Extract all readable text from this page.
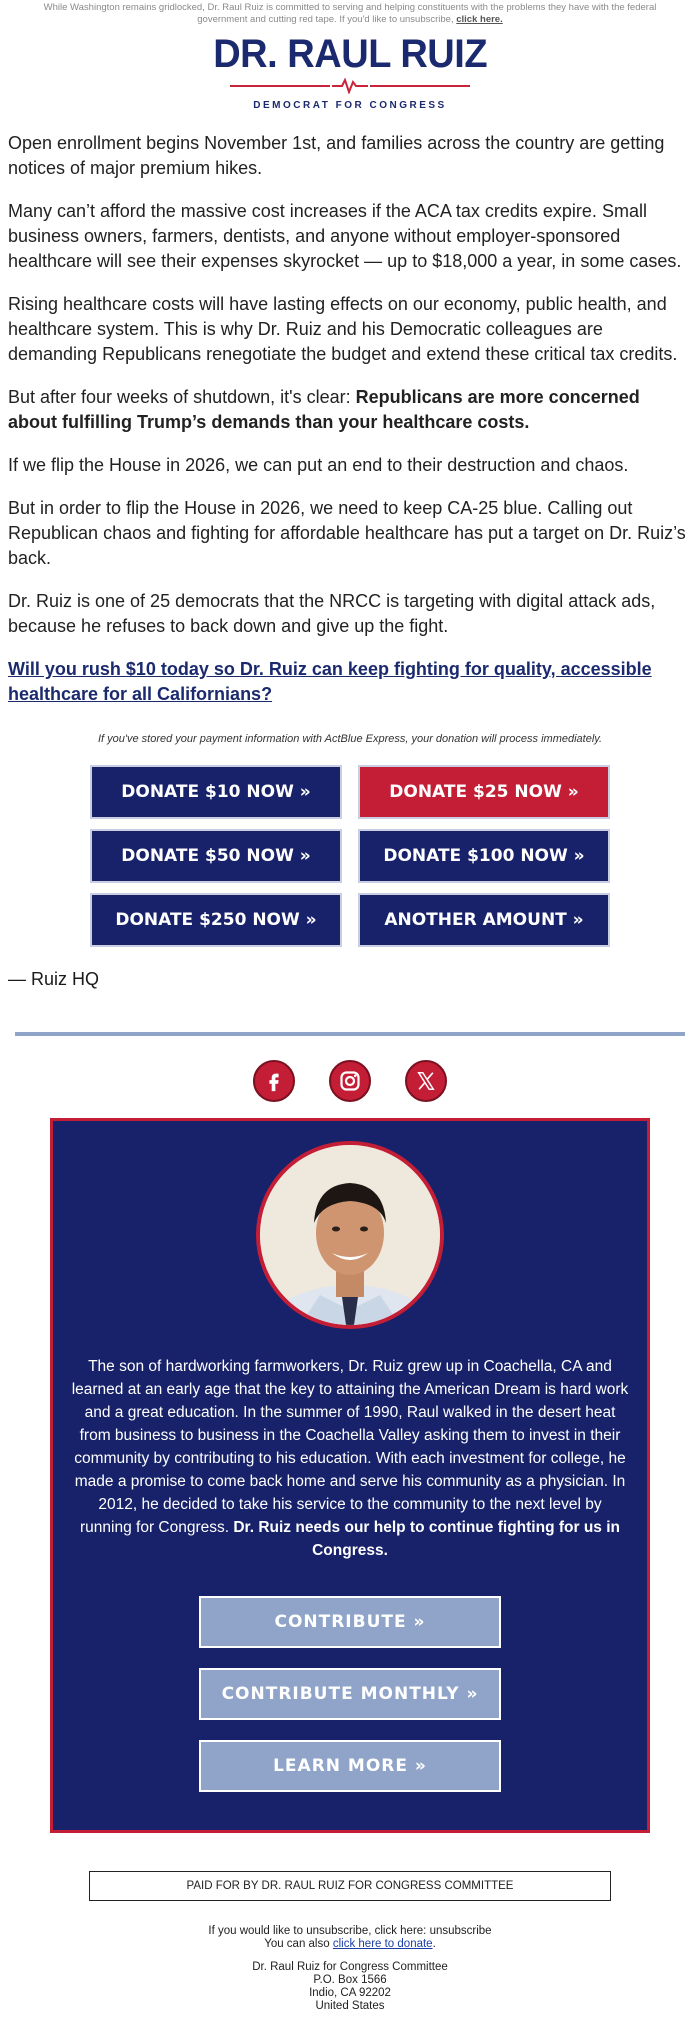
While Washington remains gridlocked, Dr. Raul Ruiz is committed to serving and helping constituents with the problems they have with the federal government and cutting red tape. If you'd like to unsubscribe, click here.
DR. RAUL RUIZ
DEMOCRAT FOR CONGRESS

Open enrollment begins November 1st, and families across the country are getting notices of major premium hikes.

Many can’t afford the massive cost increases if the ACA tax credits expire. Small business owners, farmers, dentists, and anyone without employer-sponsored healthcare will see their expenses skyrocket — up to $18,000 a year, in some cases.

Rising healthcare costs will have lasting effects on our economy, public health, and healthcare system. This is why Dr. Ruiz and his Democratic colleagues are demanding Republicans renegotiate the budget and extend these critical tax credits.

But after four weeks of shutdown, it's clear: Republicans are more concerned about fulfilling Trump’s demands than your healthcare costs.

If we flip the House in 2026, we can put an end to their destruction and chaos.

But in order to flip the House in 2026, we need to keep CA-25 blue. Calling out Republican chaos and fighting for affordable healthcare has put a target on Dr. Ruiz’s back.

Dr. Ruiz is one of 25 democrats that the NRCC is targeting with digital attack ads, because he refuses to back down and give up the fight.

Will you rush $10 today so Dr. Ruiz can keep fighting for quality, accessible healthcare for all Californians?
If you've stored your payment information with ActBlue Express, your donation will process immediately.
DONATE $10 NOW »	DONATE $25 NOW »
DONATE $50 NOW »	DONATE $100 NOW »
DONATE $250 NOW »	ANOTHER AMOUNT »
— Ruiz HQ
The son of hardworking farmworkers, Dr. Ruiz grew up in Coachella, CA and learned at an early age that the key to attaining the American Dream is hard work and a great education. In the summer of 1990, Raul walked in the desert heat from business to business in the Coachella Valley asking them to invest in their community by contributing to his education. With each investment for college, he made a promise to come back home and serve his community as a physician. In 2012, he decided to take his service to the community to the next level by running for Congress. Dr. Ruiz needs our help to continue fighting for us in Congress.
CONTRIBUTE »
CONTRIBUTE MONTHLY »
LEARN MORE »
PAID FOR BY DR. RAUL RUIZ FOR CONGRESS COMMITTEE
If you would like to unsubscribe, click here: unsubscribe
You can also click here to donate.
Dr. Raul Ruiz for Congress Committee
P.O. Box 1566
Indio, CA 92202
United States
